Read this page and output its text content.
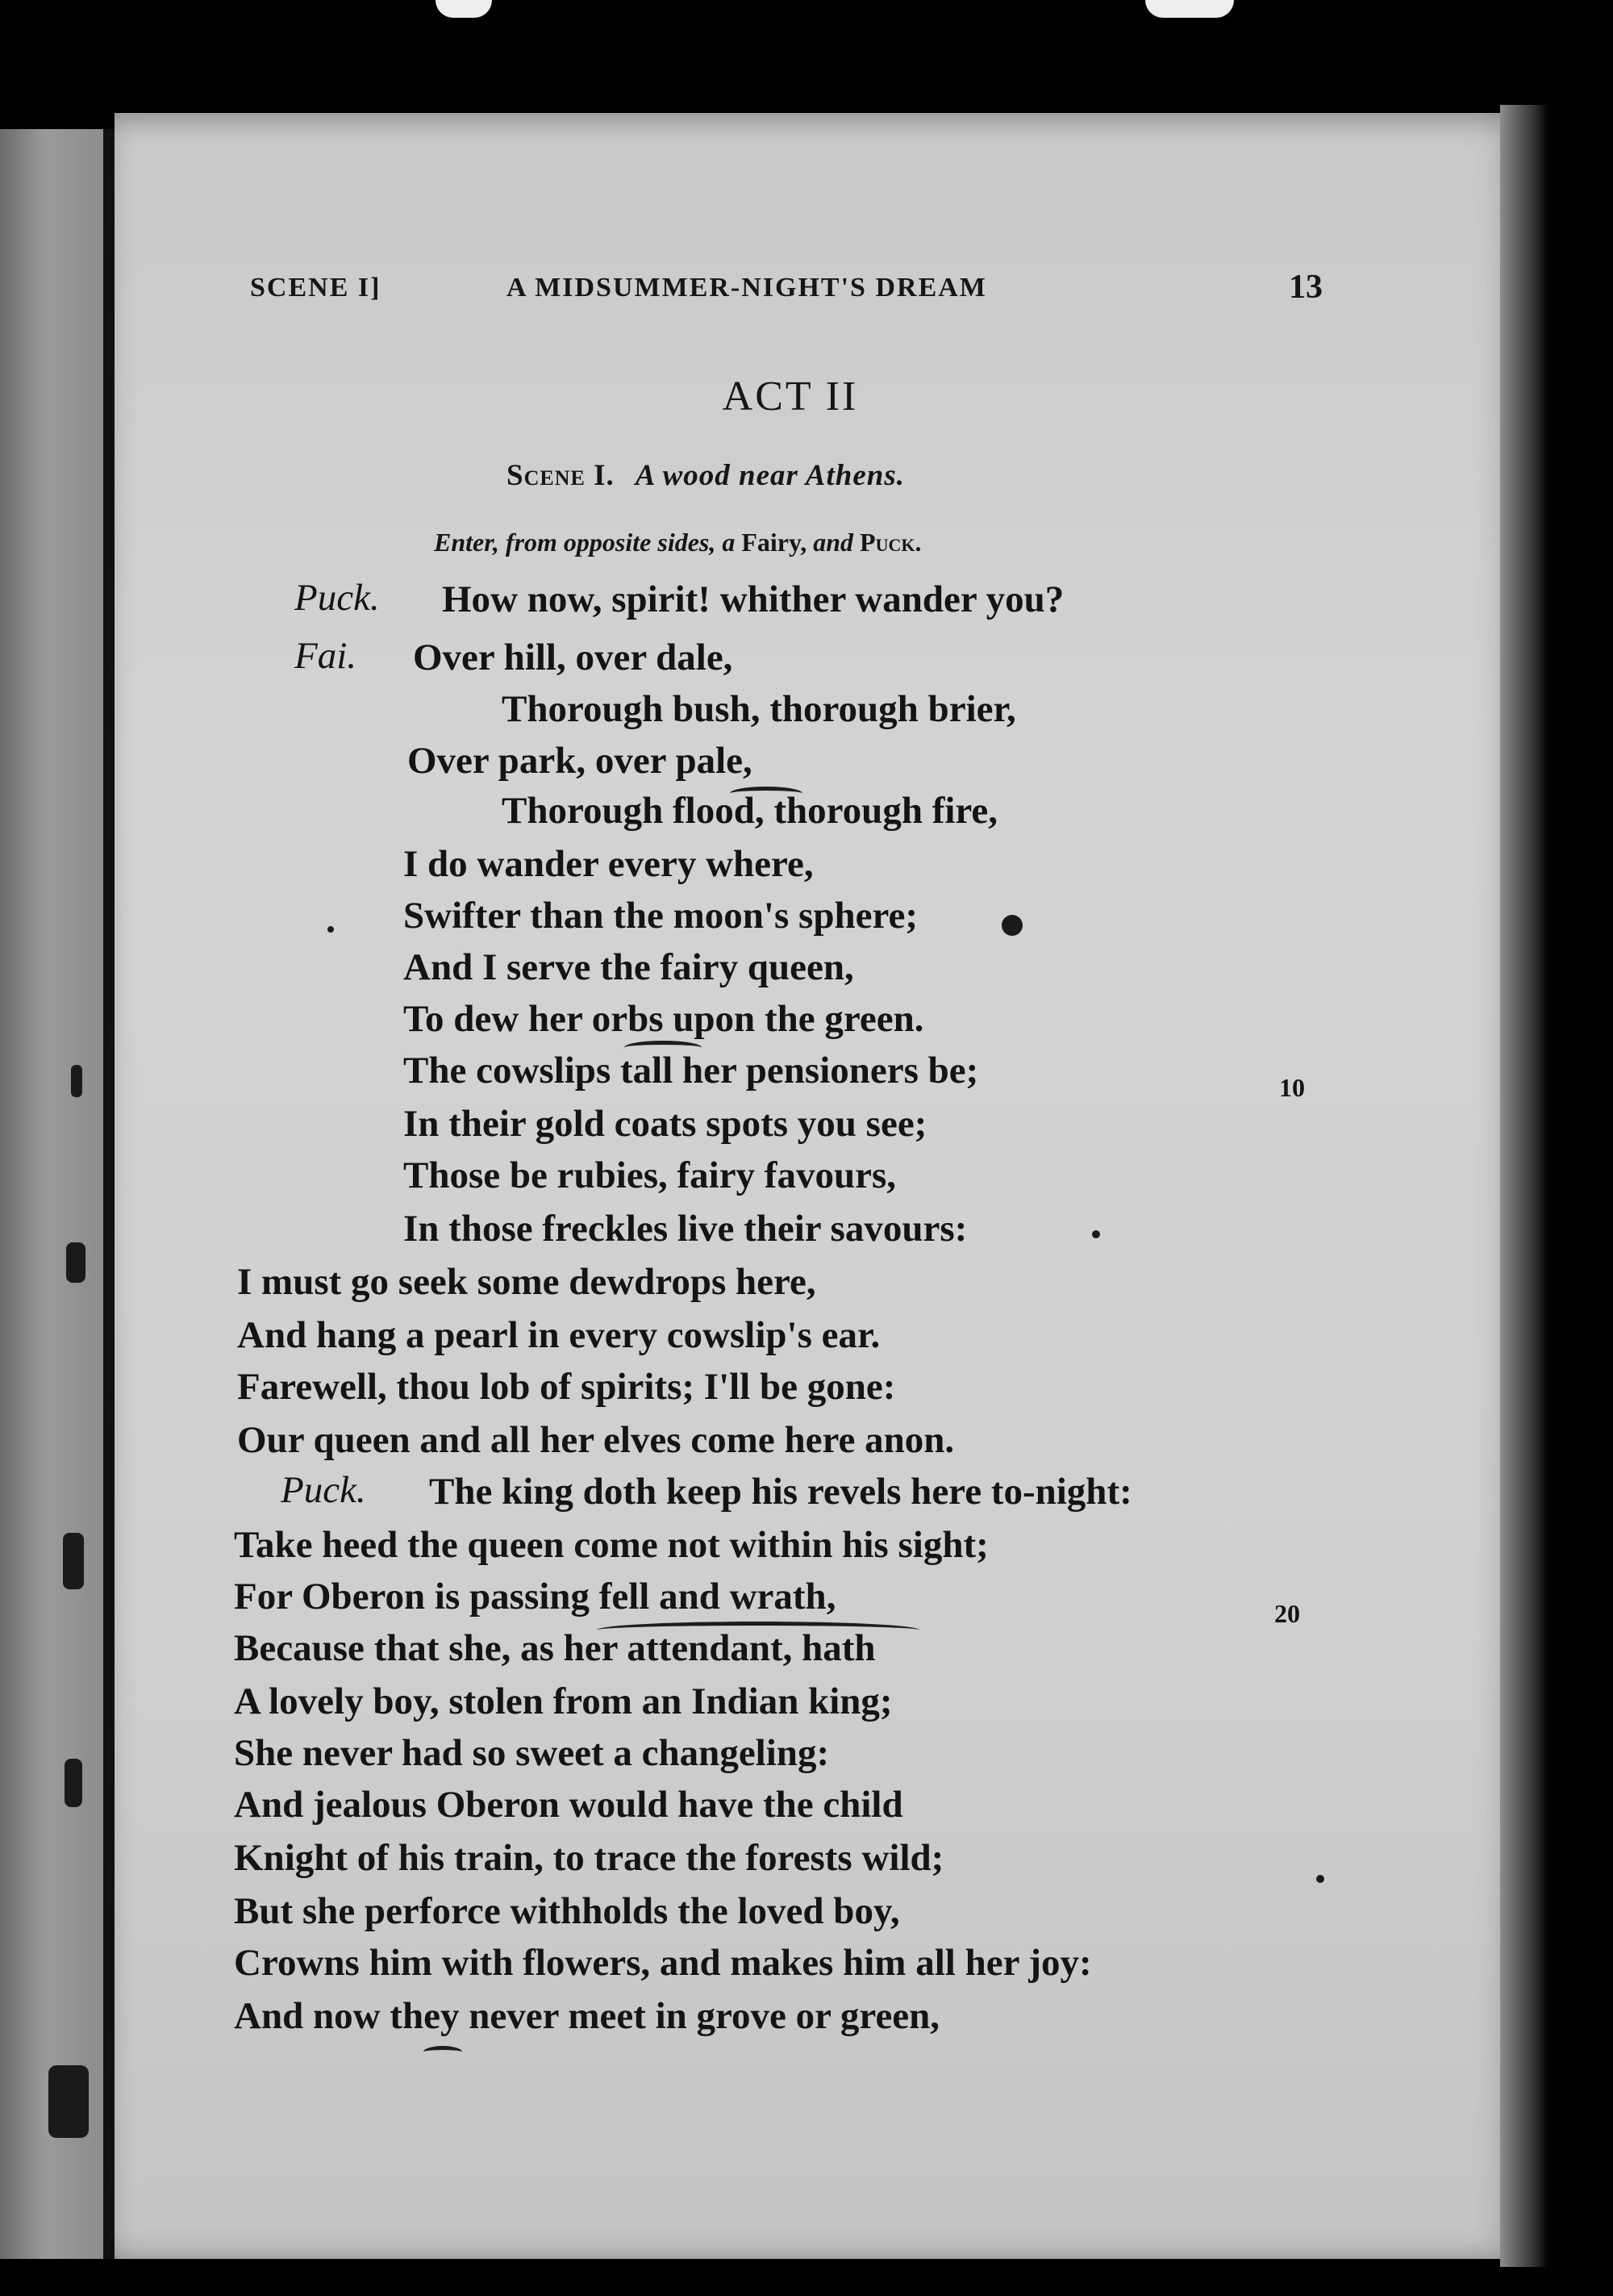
SCENE I]	A MIDSUMMER-NIGHT'S DREAM	13
ACT II
Scene I. A wood near Athens.
Enter, from opposite sides, a Fairy, and Puck.
Puck.
Fai.
Puck.
How now, spirit! whither wander you?
Over hill, over dale,
Thorough bush, thorough brier,
Over park, over pale,
Thorough flood, thorough fire,
I do wander every where,
Swifter than the moon's sphere;
And I serve the fairy queen,
To dew her orbs upon the green.
The cowslips tall her pensioners be;
In their gold coats spots you see;
Those be rubies, fairy favours,
In those freckles live their savours:
I must go seek some dewdrops here,
And hang a pearl in every cowslip's ear.
Farewell, thou lob of spirits; I'll be gone:
Our queen and all her elves come here anon.
The king doth keep his revels here to-night:
Take heed the queen come not within his sight;
For Oberon is passing fell and wrath,
Because that she, as her attendant, hath
A lovely boy, stolen from an Indian king;
She never had so sweet a changeling:
And jealous Oberon would have the child
Knight of his train, to trace the forests wild;
But she perforce withholds the loved boy,
Crowns him with flowers, and makes him all her joy:
And now they never meet in grove or green,
10
20
